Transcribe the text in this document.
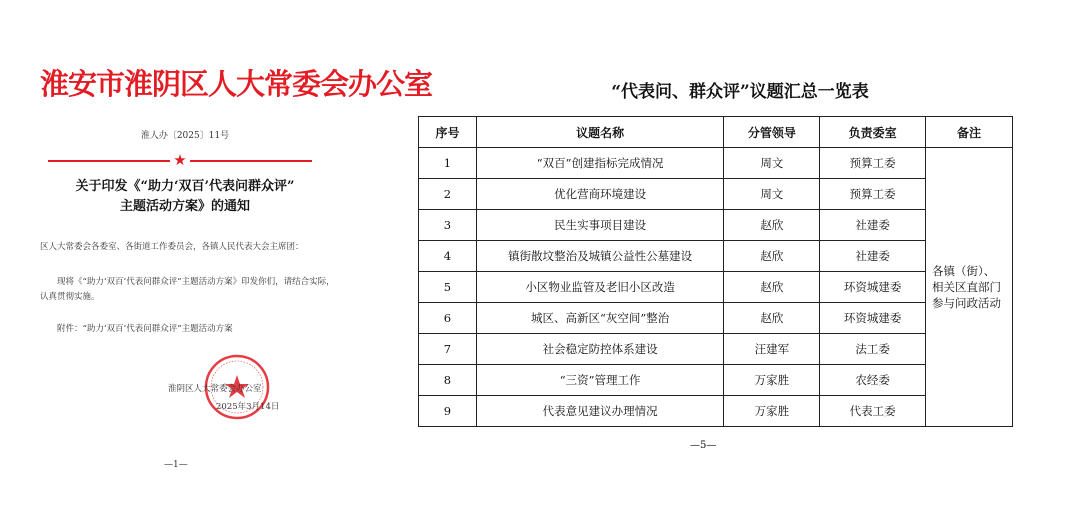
淮安市淮阴区人大常委会办公室
淮人办〔2025〕11号
★
关于印发《“助力‘双百’代表问群众评”
主题活动方案》的通知
区人大常委会各委室、各街道工作委员会，各镇人民代表大会主席团：
现将《“助力‘双百’代表问群众评”主题活动方案》印发你们，请结合实际，认真贯彻实施。
附件：“助力‘双百’代表问群众评”主题活动方案
淮阴区人大常委会办公室
2025年3月14日
—1—
“代表问、群众评”议题汇总一览表
序号	议题名称	分管领导	负责委室	备注
1	“双百”创建指标完成情况	周文	预算工委	各镇（街）、相关区直部门参与问政活动
2	优化营商环境建设	周文	预算工委	
3	民生实事项目建设	赵欣	社建委	
4	镇街散坟整治及城镇公益性公墓建设	赵欣	社建委	
5	小区物业监管及老旧小区改造	赵欣	环资城建委	
6	城区、高新区“灰空间”整治	赵欣	环资城建委	
7	社会稳定防控体系建设	汪建军	法工委	
8	“三资”管理工作	万家胜	农经委	
9	代表意见建议办理情况	万家胜	代表工委	
—5—
